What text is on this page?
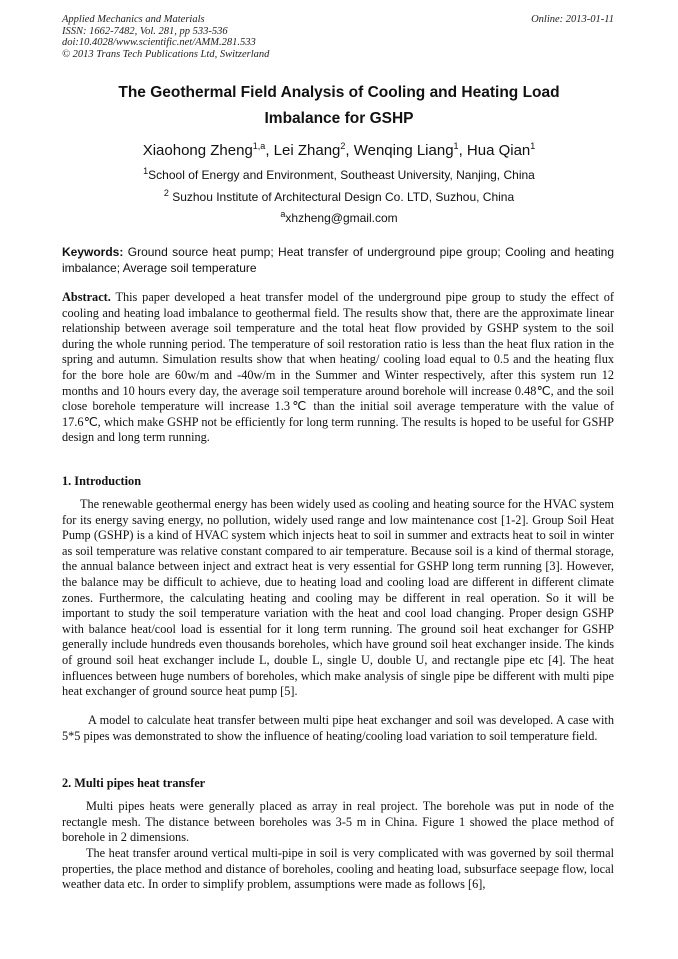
Applied Mechanics and Materials
ISSN: 1662-7482, Vol. 281, pp 533-536
doi:10.4028/www.scientific.net/AMM.281.533
© 2013 Trans Tech Publications Ltd, Switzerland
Online: 2013-01-11
The Geothermal Field Analysis of Cooling and Heating Load
Imbalance for GSHP
Xiaohong Zheng$^{1,a}$, Lei Zhang$^2$, Wenqing Liang$^1$, Hua Qian$^1$
$^1$School of Energy and Environment, Southeast University, Nanjing, China
$^2$ Suzhou Institute of Architectural Design Co. LTD, Suzhou, China
$^a$xhzheng@gmail.com
Keywords: Ground source heat pump; Heat transfer of underground pipe group; Cooling and heating imbalance; Average soil temperature

Abstract. This paper developed a heat transfer model of the underground pipe group to study the effect of cooling and heating load imbalance to geothermal field. The results show that, there are the approximate linear relationship between average soil temperature and the total heat flow provided by GSHP system to the soil during the whole running period. The temperature of soil restoration ratio is less than the heat flux ration in the spring and autumn. Simulation results show that when heating/ cooling load equal to 0.5 and the heating flux for the bore hole are 60w/m and -40w/m in the Summer and Winter respectively, after this system run 12 months and 10 hours every day, the average soil temperature around borehole will increase 0.48℃, and the soil close borehole temperature will increase 1.3℃ than the initial soil average temperature with the value of 17.6℃, which make GSHP not be efficiently for long term running. The results is hoped to be useful for GSHP design and long term running.

1. Introduction

The renewable geothermal energy has been widely used as cooling and heating source for the HVAC system for its energy saving energy, no pollution, widely used range and low maintenance cost [1-2]. Group Soil Heat Pump (GSHP) is a kind of HVAC system which injects heat to soil in summer and extracts heat to soil in winter as soil temperature was relative constant compared to air temperature. Because soil is a kind of thermal storage, the annual balance between inject and extract heat is very essential for GSHP long term running [3]. However, the balance may be difficult to achieve, due to heating load and cooling load are different in different climate zones. Furthermore, the calculating heating and cooling may be different in real operation. So it will be important to study the soil temperature variation with the heat and cool load changing. Proper design GSHP with balance heat/cool load is essential for it long term running. The ground soil heat exchanger for GSHP generally include hundreds even thousands boreholes, which have ground soil heat exchanger inside. The kinds of ground soil heat exchanger include L, double L, single U, double U, and rectangle pipe etc [4]. The heat influences between huge numbers of boreholes, which make analysis of single pipe be different with multi pipe heat exchanger of ground source heat pump [5].

A model to calculate heat transfer between multi pipe heat exchanger and soil was developed. A case with 5*5 pipes was demonstrated to show the influence of heating/cooling load variation to soil temperature field.

2. Multi pipes heat transfer

Multi pipes heats were generally placed as array in real project. The borehole was put in node of the rectangle mesh. The distance between boreholes was 3-5 m in China. Figure 1 showed the place method of borehole in 2 dimensions.

The heat transfer around vertical multi-pipe in soil is very complicated with was governed by soil thermal properties, the place method and distance of boreholes, cooling and heating load, subsurface seepage flow, local weather data etc. In order to simplify problem, assumptions were made as follows [6],
